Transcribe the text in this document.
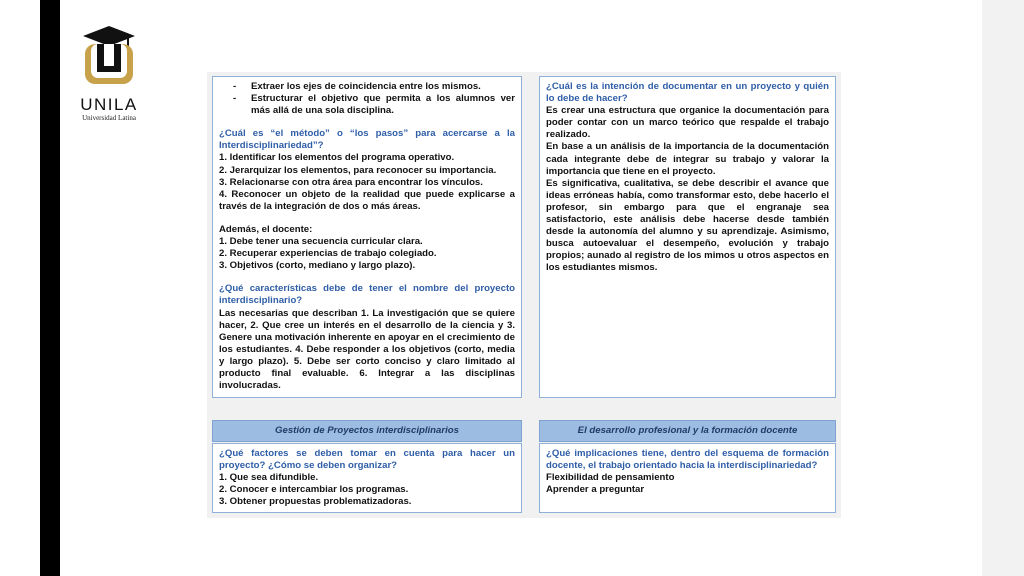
UNILA
Universidad Latina
- Extraer los ejes de coincidencia entre los mismos.
- Estructurar el objetivo que permita a los alumnos ver más allá de una sola disciplina.

¿Cuál es “el método” o “los pasos” para acercarse a la Interdisciplinariedad”?

1. Identificar los elementos del programa operativo.

2. Jerarquizar los elementos, para reconocer su importancia.

3. Relacionarse con otra área para encontrar los vínculos.

4. Reconocer un objeto de la realidad que puede explicarse a través de la integración de dos o más áreas.

Además, el docente:

1. Debe tener una secuencia curricular clara.

2. Recuperar experiencias de trabajo colegiado.

3. Objetivos (corto, mediano y largo plazo).

¿Qué características debe de tener el nombre del proyecto interdisciplinario?

Las necesarias que describan 1. La investigación que se quiere hacer, 2. Que cree un interés en el desarrollo de la ciencia y 3. Genere una motivación inherente en apoyar en el crecimiento de los estudiantes. 4. Debe responder a los objetivos (corto, media y largo plazo). 5. Debe ser corto conciso y claro limitado al producto final evaluable. 6. Integrar a las disciplinas involucradas.

¿Cuál es la intención de documentar en un proyecto y quién lo debe de hacer?

Es crear una estructura que organice la documentación para poder contar con un marco teórico que respalde el trabajo realizado.

En base a un análisis de la importancia de la documentación cada integrante debe de integrar su trabajo y valorar la importancia que tiene en el proyecto.

Es significativa, cualitativa, se debe describir el avance que ideas erróneas había, como transformar esto, debe hacerlo el profesor, sin embargo para que el engranaje sea satisfactorio, este análisis debe hacerse desde también desde la autonomía del alumno y su aprendizaje. Asimismo, busca autoevaluar el desempeño, evolución y trabajo propios; aunado al registro de los mimos u otros aspectos en los estudiantes mismos.

Gestión de Proyectos interdisciplinarios

¿Qué factores se deben tomar en cuenta para hacer un proyecto? ¿Cómo se deben organizar?

1. Que sea difundible.

2. Conocer e intercambiar los programas.

3. Obtener propuestas problematizadoras.

El desarrollo profesional y la formación docente

¿Qué implicaciones tiene, dentro del esquema de formación docente, el trabajo orientado hacia la interdisciplinariedad?

Flexibilidad de pensamiento

Aprender a preguntar
